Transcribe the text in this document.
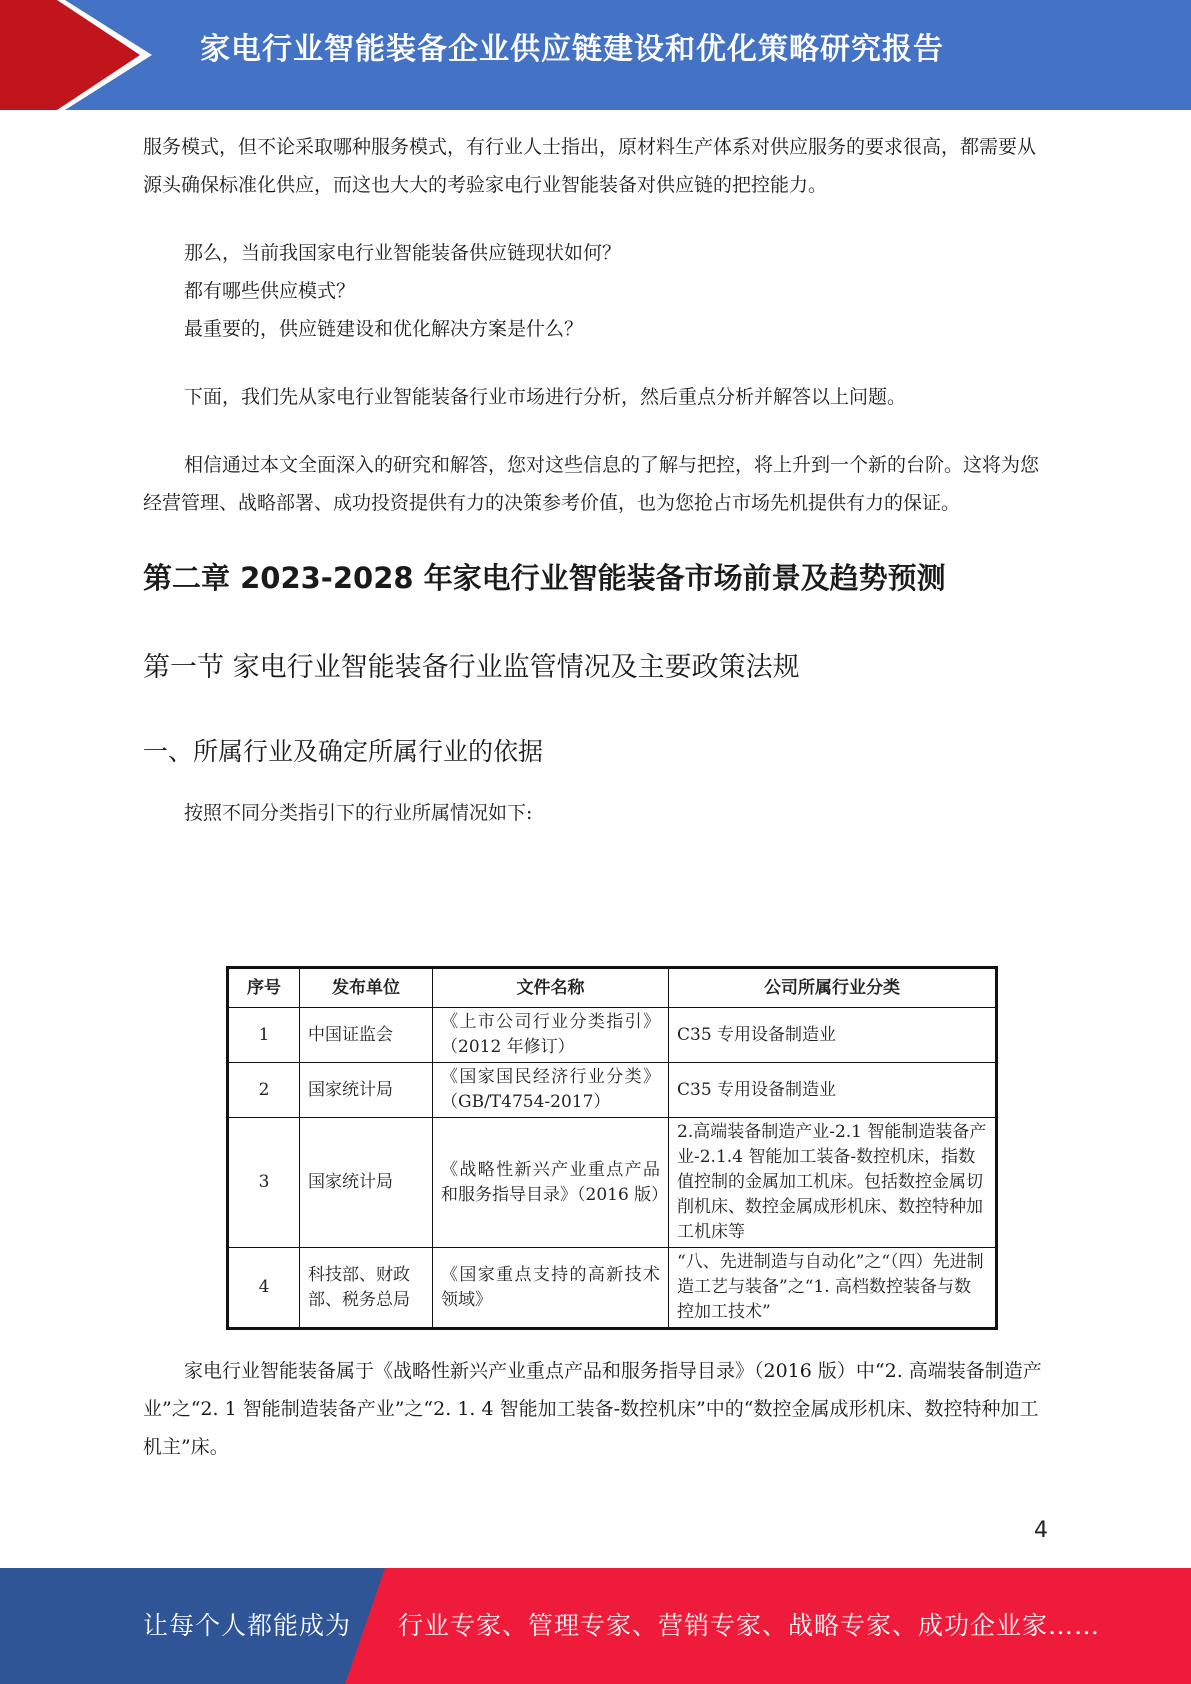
家电行业智能装备企业供应链建设和优化策略研究报告

服务模式，但不论采取哪种服务模式，有行业人士指出，原材料生产体系对供应服务的要求很高，都需要从源头确保标准化供应，而这也大大的考验家电行业智能装备对供应链的把控能力。

那么，当前我国家电行业智能装备供应链现状如何？

都有哪些供应模式？

最重要的，供应链建设和优化解决方案是什么？

下面，我们先从家电行业智能装备行业市场进行分析，然后重点分析并解答以上问题。

相信通过本文全面深入的研究和解答，您对这些信息的了解与把控，将上升到一个新的台阶。这将为您经营管理、战略部署、成功投资提供有力的决策参考价值，也为您抢占市场先机提供有力的保证。

第二章 2023-2028 年家电行业智能装备市场前景及趋势预测
第一节 家电行业智能装备行业监管情况及主要政策法规
一、所属行业及确定所属行业的依据

按照不同分类指引下的行业所属情况如下:

序号	发布单位	文件名称	公司所属行业分类
1	中国证监会	《上市公司行业分类指引》（2012 年修订）	C35 专用设备制造业
2	国家统计局	《国家国民经济行业分类》（GB/T4754-2017）	C35 专用设备制造业
3	国家统计局	《战略性新兴产业重点产品和服务指导目录》（2016 版）	2.高端装备制造产业-2.1 智能制造装备产业-2.1.4 智能加工装备-数控机床，指数值控制的金属加工机床。包括数控金属切削机床、数控金属成形机床、数控特种加工机床等
4	科技部、财政部、税务总局	《国家重点支持的高新技术领域》	“八、先进制造与自动化”之“（四）先进制造工艺与装备”之“1. 高档数控装备与数控加工技术”

家电行业智能装备属于《战略性新兴产业重点产品和服务指导目录》（2016 版）中“2. 高端装备制造产业”之“2. 1 智能制造装备产业”之“2. 1. 4 智能加工装备-数控机床”中的“数控金属成形机床、数控特种加工机主”床。

4
让每个人都能成为 行业专家、管理专家、营销专家、战略专家、成功企业家……
